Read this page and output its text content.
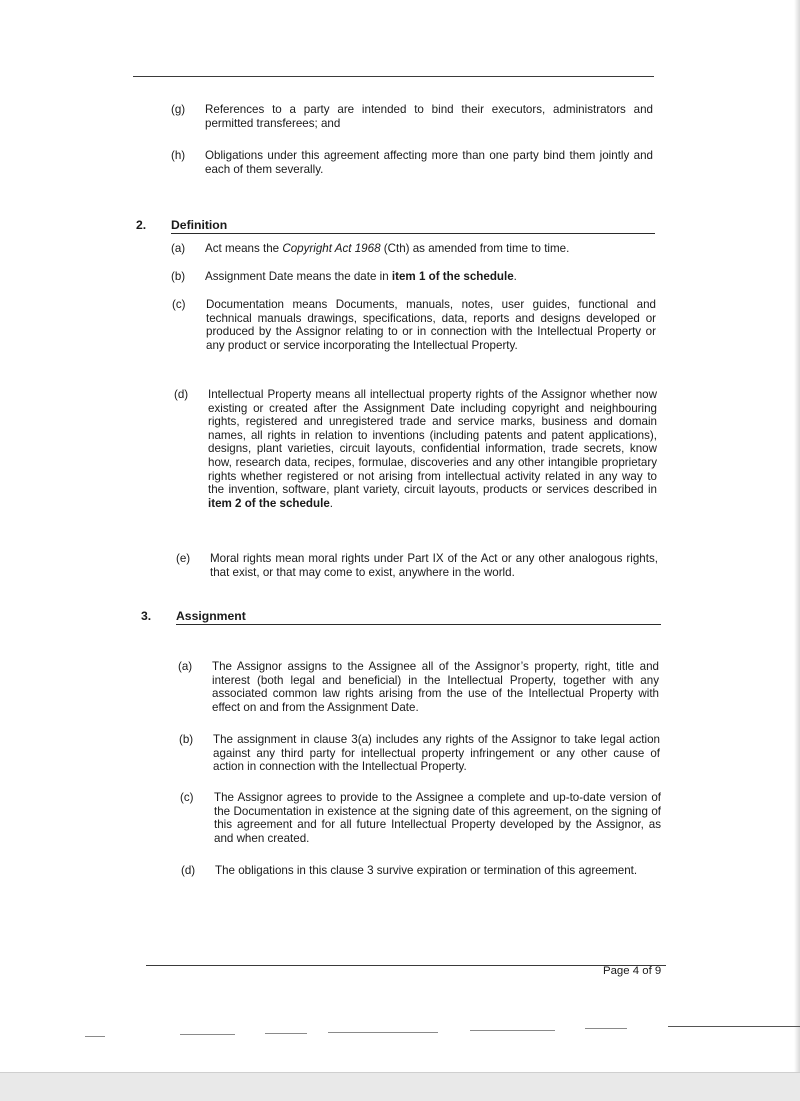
(g) References to a party are intended to bind their executors, administrators and permitted transferees; and
(h) Obligations under this agreement affecting more than one party bind them jointly and each of them severally.
2. Definition
(a) Act means the Copyright Act 1968 (Cth) as amended from time to time.
(b) Assignment Date means the date in item 1 of the schedule.
(c) Documentation means Documents, manuals, notes, user guides, functional and technical manuals drawings, specifications, data, reports and designs developed or produced by the Assignor relating to or in connection with the Intellectual Property or any product or service incorporating the Intellectual Property.
(d) Intellectual Property means all intellectual property rights of the Assignor whether now existing or created after the Assignment Date including copyright and neighbouring rights, registered and unregistered trade and service marks, business and domain names, all rights in relation to inventions (including patents and patent applications), designs, plant varieties, circuit layouts, confidential information, trade secrets, know how, research data, recipes, formulae, discoveries and any other intangible proprietary rights whether registered or not arising from intellectual activity related in any way to the invention, software, plant variety, circuit layouts, products or services described in item 2 of the schedule.
(e) Moral rights mean moral rights under Part IX of the Act or any other analogous rights, that exist, or that may come to exist, anywhere in the world.
3. Assignment
(a) The Assignor assigns to the Assignee all of the Assignor’s property, right, title and interest (both legal and beneficial) in the Intellectual Property, together with any associated common law rights arising from the use of the Intellectual Property with effect on and from the Assignment Date.
(b) The assignment in clause 3(a) includes any rights of the Assignor to take legal action against any third party for intellectual property infringement or any other cause of action in connection with the Intellectual Property.
(c) The Assignor agrees to provide to the Assignee a complete and up-to-date version of the Documentation in existence at the signing date of this agreement, on the signing of this agreement and for all future Intellectual Property developed by the Assignor, as and when created.
(d) The obligations in this clause 3 survive expiration or termination of this agreement.
Page 4 of 9
